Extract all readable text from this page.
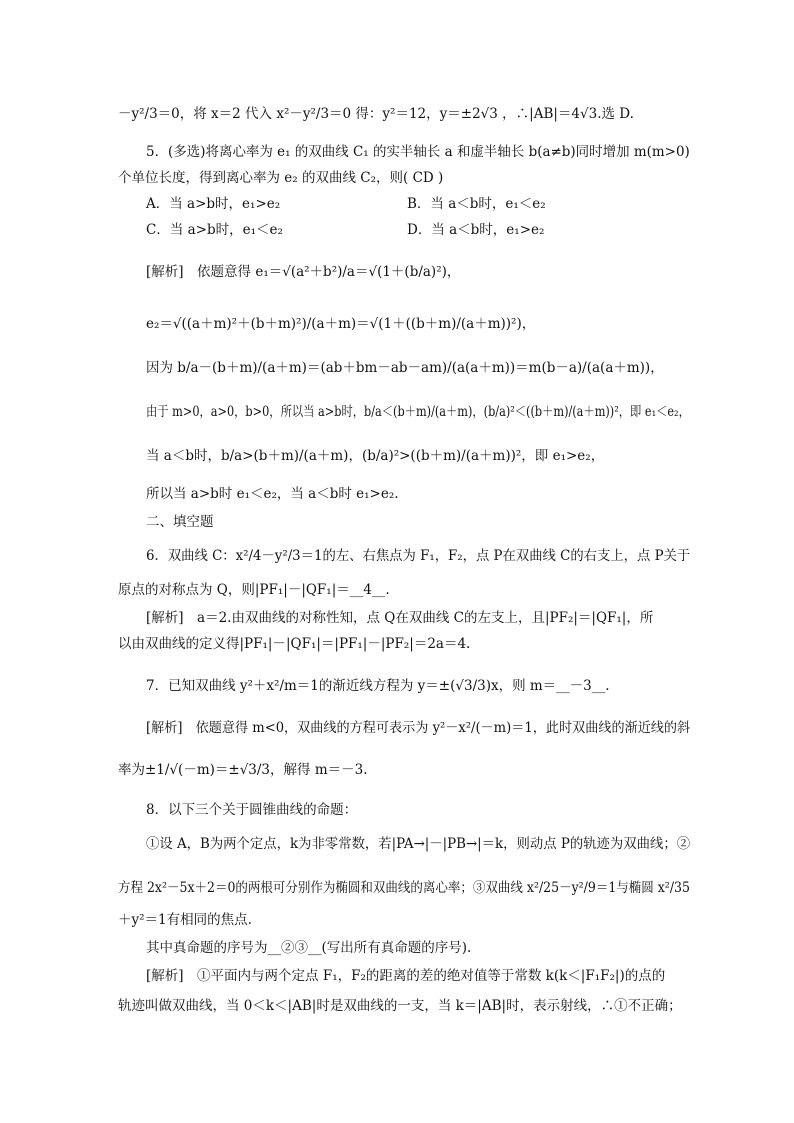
－y²/3＝0，将 x＝2 代入 x²－y²/3＝0 得：y²＝12，y＝±2√3 ，∴|AB|＝4√3.选 D.
5．(多选)将离心率为 e₁ 的双曲线 C₁ 的实半轴长 a 和虚半轴长 b(a≠b)同时增加 m(m>0)
个单位长度，得到离心率为 e₂ 的双曲线 C₂，则( CD )
A．当 a>b时，e₁>e₂	B．当 a＜b时，e₁＜e₂
C．当 a>b时，e₁＜e₂	D．当 a＜b时，e₁>e₂
[解析]　依题意得 e₁＝√(a²＋b²)/a＝√(1＋(b/a)²)，
e₂＝√((a＋m)²＋(b＋m)²)/(a＋m)＝√(1＋((b＋m)/(a＋m))²)，
因为 b/a－(b＋m)/(a＋m)＝(ab＋bm－ab－am)/(a(a＋m))＝m(b－a)/(a(a＋m))，
由于 m>0，a>0，b>0，所以当 a>b时，b/a＜(b＋m)/(a＋m)，(b/a)²＜((b＋m)/(a＋m))²，即 e₁＜e₂，
当 a＜b时，b/a>(b＋m)/(a＋m)，(b/a)²>((b＋m)/(a＋m))²，即 e₁>e₂，
所以当 a>b时 e₁＜e₂，当 a＜b时 e₁>e₂.
二、填空题
6．双曲线 C：x²/4－y²/3＝1的左、右焦点为 F₁，F₂，点 P在双曲线 C的右支上，点 P关于
原点的对称点为 Q，则|PF₁|－|QF₁|＝__4__.
[解析]　a＝2.由双曲线的对称性知，点 Q在双曲线 C的左支上，且|PF₂|＝|QF₁|，所
以由双曲线的定义得|PF₁|－|QF₁|＝|PF₁|－|PF₂|＝2a＝4.
7．已知双曲线 y²＋x²/m＝1的渐近线方程为 y＝±(√3/3)x，则 m＝__－3__.
[解析]　依题意得 m<0，双曲线的方程可表示为 y²－x²/(－m)＝1，此时双曲线的渐近线的斜
率为±1/√(－m)＝±√3/3，解得 m＝－3.
8．以下三个关于圆锥曲线的命题：
①设 A，B为两个定点，k为非零常数，若|PA→|－|PB→|＝k，则动点 P的轨迹为双曲线；②
方程 2x²－5x＋2＝0的两根可分别作为椭圆和双曲线的离心率；③双曲线 x²/25－y²/9＝1与椭圆 x²/35
＋y²＝1有相同的焦点.
其中真命题的序号为__②③__(写出所有真命题的序号).
[解析]　①平面内与两个定点 F₁，F₂的距离的差的绝对值等于常数 k(k＜|F₁F₂|)的点的
轨迹叫做双曲线，当 0＜k＜|AB|时是双曲线的一支，当 k＝|AB|时，表示射线，∴①不正确；
